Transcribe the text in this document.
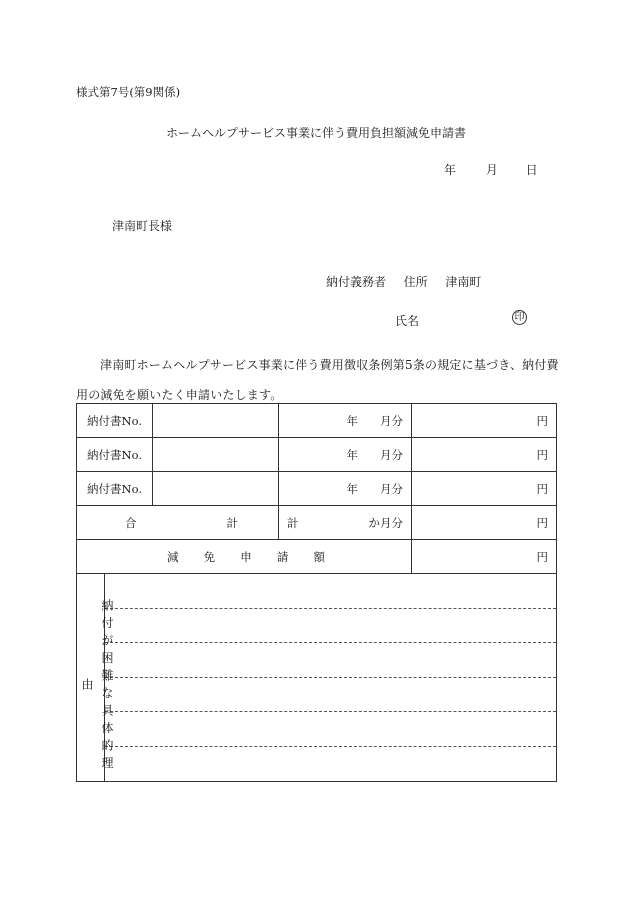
様式第7号(第9関係)
ホームヘルプサービス事業に伴う費用負担額減免申請書
年 月 日
津南町長様
納付義務者 住所 津南町
氏名	印
津南町ホームヘルプサービス事業に伴う費用徴収条例第5条の規定に基づき、納付費用の減免を願いたく申請いたします。
納付書No.			年 月分	円
納付書No.			年 月分	円
納付書No.			年 月分	円

合 計			計 か月分	円

減 免 申 請 額				円

納付が困難な具体的理由				
